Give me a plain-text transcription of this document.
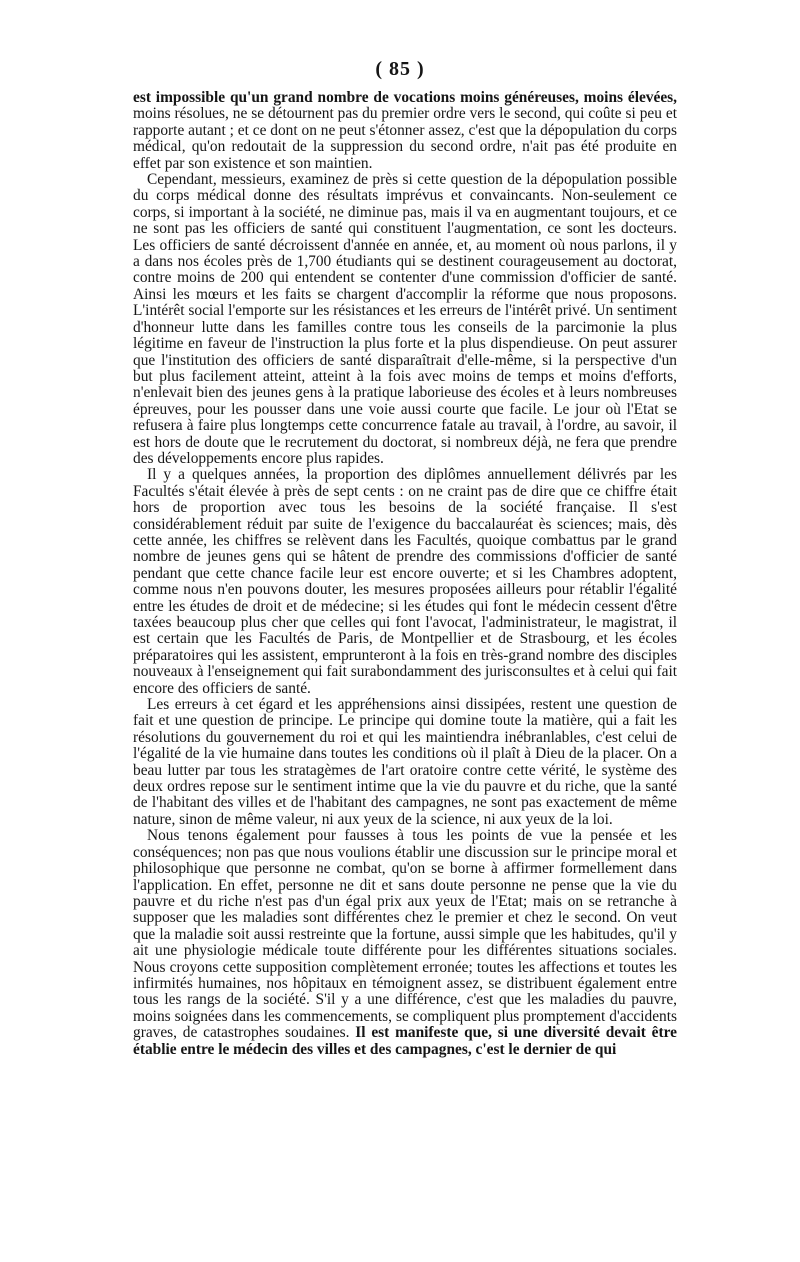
( 85 )

est impossible qu'un grand nombre de vocations moins généreuses, moins élevées, moins résolues, ne se détournent pas du premier ordre vers le second, qui coûte si peu et rapporte autant ; et ce dont on ne peut s'étonner assez, c'est que la dépopulation du corps médical, qu'on redoutait de la suppression du second ordre, n'ait pas été produite en effet par son existence et son maintien.

Cependant, messieurs, examinez de près si cette question de la dépopulation possible du corps médical donne des résultats imprévus et convaincants. Non-seulement ce corps, si important à la société, ne diminue pas, mais il va en augmentant toujours, et ce ne sont pas les officiers de santé qui constituent l'augmentation, ce sont les docteurs. Les officiers de santé décroissent d'année en année, et, au moment où nous parlons, il y a dans nos écoles près de 1,700 étudiants qui se destinent courageusement au doctorat, contre moins de 200 qui entendent se contenter d'une commission d'officier de santé. Ainsi les mœurs et les faits se chargent d'accomplir la réforme que nous proposons. L'intérêt social l'emporte sur les résistances et les erreurs de l'intérêt privé. Un sentiment d'honneur lutte dans les familles contre tous les conseils de la parcimonie la plus légitime en faveur de l'instruction la plus forte et la plus dispendieuse. On peut assurer que l'institution des officiers de santé disparaîtrait d'elle-même, si la perspective d'un but plus facilement atteint, atteint à la fois avec moins de temps et moins d'efforts, n'enlevait bien des jeunes gens à la pratique laborieuse des écoles et à leurs nombreuses épreuves, pour les pousser dans une voie aussi courte que facile. Le jour où l'Etat se refusera à faire plus longtemps cette concurrence fatale au travail, à l'ordre, au savoir, il est hors de doute que le recrutement du doctorat, si nombreux déjà, ne fera que prendre des développements encore plus rapides.

Il y a quelques années, la proportion des diplômes annuellement délivrés par les Facultés s'était élevée à près de sept cents : on ne craint pas de dire que ce chiffre était hors de proportion avec tous les besoins de la société française. Il s'est considérablement réduit par suite de l'exigence du baccalauréat ès sciences; mais, dès cette année, les chiffres se relèvent dans les Facultés, quoique combattus par le grand nombre de jeunes gens qui se hâtent de prendre des commissions d'officier de santé pendant que cette chance facile leur est encore ouverte; et si les Chambres adoptent, comme nous n'en pouvons douter, les mesures proposées ailleurs pour rétablir l'égalité entre les études de droit et de médecine; si les études qui font le médecin cessent d'être taxées beaucoup plus cher que celles qui font l'avocat, l'administrateur, le magistrat, il est certain que les Facultés de Paris, de Montpellier et de Strasbourg, et les écoles préparatoires qui les assistent, emprunteront à la fois en très-grand nombre des disciples nouveaux à l'enseignement qui fait surabondamment des jurisconsultes et à celui qui fait encore des officiers de santé.

Les erreurs à cet égard et les appréhensions ainsi dissipées, restent une question de fait et une question de principe. Le principe qui domine toute la matière, qui a fait les résolutions du gouvernement du roi et qui les maintiendra inébranlables, c'est celui de l'égalité de la vie humaine dans toutes les conditions où il plaît à Dieu de la placer. On a beau lutter par tous les stratagèmes de l'art oratoire contre cette vérité, le système des deux ordres repose sur le sentiment intime que la vie du pauvre et du riche, que la santé de l'habitant des villes et de l'habitant des campagnes, ne sont pas exactement de même nature, sinon de même valeur, ni aux yeux de la science, ni aux yeux de la loi.

Nous tenons également pour fausses à tous les points de vue la pensée et les conséquences; non pas que nous voulions établir une discussion sur le principe moral et philosophique que personne ne combat, qu'on se borne à affirmer formellement dans l'application. En effet, personne ne dit et sans doute personne ne pense que la vie du pauvre et du riche n'est pas d'un égal prix aux yeux de l'Etat; mais on se retranche à supposer que les maladies sont différentes chez le premier et chez le second. On veut que la maladie soit aussi restreinte que la fortune, aussi simple que les habitudes, qu'il y ait une physiologie médicale toute différente pour les différentes situations sociales. Nous croyons cette supposition complètement erronée; toutes les affections et toutes les infirmités humaines, nos hôpitaux en témoignent assez, se distribuent également entre tous les rangs de la société. S'il y a une différence, c'est que les maladies du pauvre, moins soignées dans les commencements, se compliquent plus promptement d'accidents graves, de catastrophes soudaines. Il est manifeste que, si une diversité devait être établie entre le médecin des villes et des campagnes, c'est le dernier de qui
